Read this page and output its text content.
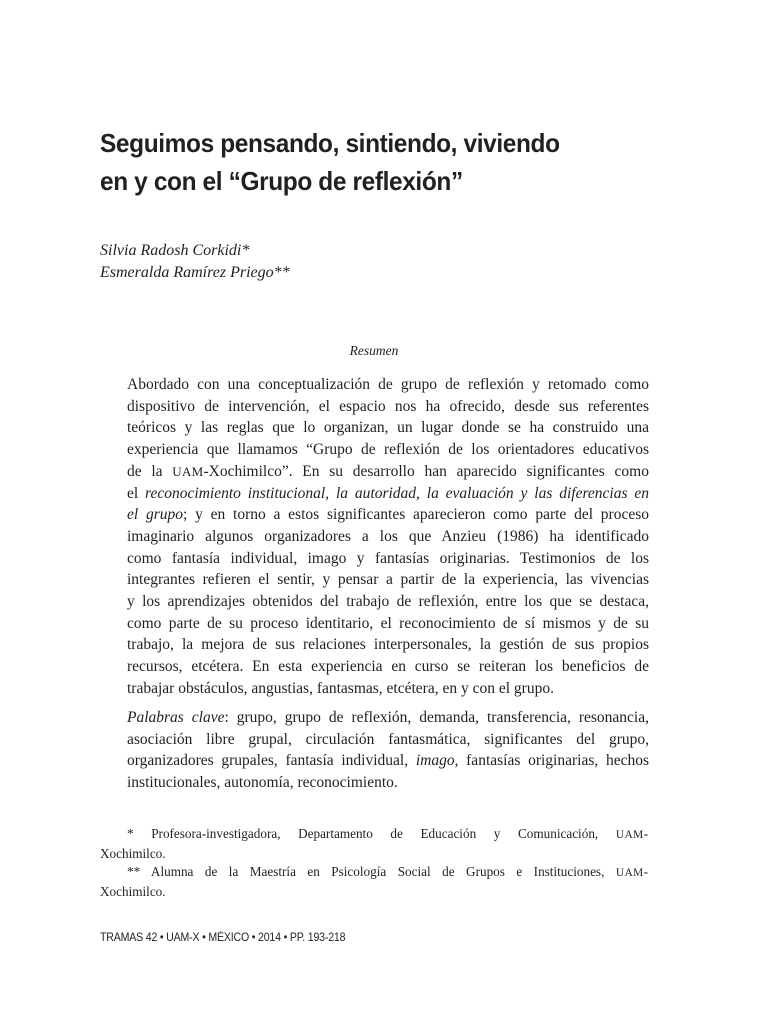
Seguimos pensando, sintiendo, viviendo
en y con el “Grupo de reflexión”
Silvia Radosh Corkidi*
Esmeralda Ramírez Priego**
Resumen
Abordado con una conceptualización de grupo de reflexión y retomado como
dispositivo de intervención, el espacio nos ha ofrecido, desde sus referentes
teóricos y las reglas que lo organizan, un lugar donde se ha construido una
experiencia que llamamos “Grupo de reflexión de los orientadores educativos
de la UAM-Xochimilco”. En su desarrollo han aparecido significantes como
el reconocimiento institucional, la autoridad, la evaluación y las diferencias en
el grupo; y en torno a estos significantes aparecieron como parte del proceso
imaginario algunos organizadores a los que Anzieu (1986) ha identificado
como fantasía individual, imago y fantasías originarias. Testimonios de los
integrantes refieren el sentir, y pensar a partir de la experiencia, las vivencias
y los aprendizajes obtenidos del trabajo de reflexión, entre los que se destaca,
como parte de su proceso identitario, el reconocimiento de sí mismos y de su
trabajo, la mejora de sus relaciones interpersonales, la gestión de sus propios
recursos, etcétera. En esta experiencia en curso se reiteran los beneficios de
trabajar obstáculos, angustias, fantasmas, etcétera, en y con el grupo.
Palabras clave: grupo, grupo de reflexión, demanda, transferencia, resonancia,
asociación libre grupal, circulación fantasmática, significantes del grupo,
organizadores grupales, fantasía individual, imago, fantasías originarias, hechos
institucionales, autonomía, reconocimiento.
* Profesora-investigadora, Departamento de Educación y Comunicación, UAM-
Xochimilco.
** Alumna de la Maestría en Psicología Social de Grupos e Instituciones, UAM-
Xochimilco.
TRAMAS 42 • UAM-X • MÉXICO • 2014 • PP. 193-218
